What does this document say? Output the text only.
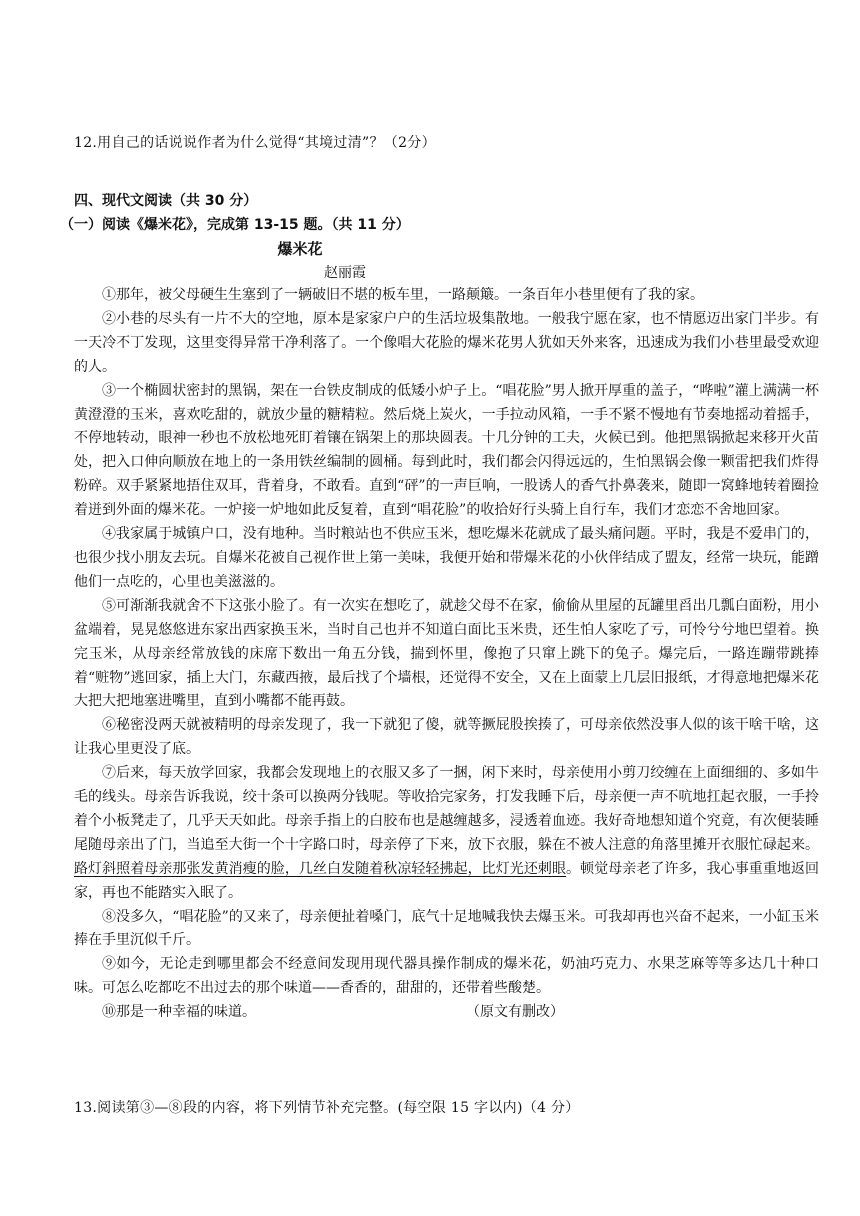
12.用自己的话说说作者为什么觉得“其境过清”？（2分）
四、现代文阅读（共 30 分）
（一）阅读《爆米花》，完成第 13-15 题。（共 11 分）
爆米花
赵丽霞

①那年，被父母硬生生塞到了一辆破旧不堪的板车里，一路颠簸。一条百年小巷里便有了我的家。

②小巷的尽头有一片不大的空地，原本是家家户户的生活垃圾集散地。一般我宁愿在家，也不情愿迈出家门半步。有一天冷不丁发现，这里变得异常干净利落了。一个像唱大花脸的爆米花男人犹如天外来客，迅速成为我们小巷里最受欢迎的人。

③一个椭圆状密封的黑锅，架在一台铁皮制成的低矮小炉子上。“唱花脸”男人掀开厚重的盖子，“哗啦”灌上满满一杯黄澄澄的玉米，喜欢吃甜的，就放少量的糖精粒。然后烧上炭火，一手拉动风箱，一手不紧不慢地有节奏地摇动着摇手，不停地转动，眼神一秒也不放松地死盯着镶在锅架上的那块圆表。十几分钟的工夫，火候已到。他把黑锅掀起来移开火苗处，把入口伸向顺放在地上的一条用铁丝编制的圆桶。每到此时，我们都会闪得远远的，生怕黑锅会像一颗雷把我们炸得粉碎。双手紧紧地捂住双耳，背着身，不敢看。直到“砰”的一声巨响，一股诱人的香气扑鼻袭来，随即一窝蜂地转着圈捡着迸到外面的爆米花。一炉接一炉地如此反复着，直到“唱花脸”的收拾好行头骑上自行车，我们才恋恋不舍地回家。

④我家属于城镇户口，没有地种。当时粮站也不供应玉米，想吃爆米花就成了最头痛问题。平时，我是不爱串门的，也很少找小朋友去玩。自爆米花被自己视作世上第一美味，我便开始和带爆米花的小伙伴结成了盟友，经常一块玩，能蹭他们一点吃的，心里也美滋滋的。

⑤可渐渐我就舍不下这张小脸了。有一次实在想吃了，就趁父母不在家，偷偷从里屋的瓦罐里舀出几瓢白面粉，用小盆端着，晃晃悠悠进东家出西家换玉米，当时自己也并不知道白面比玉米贵，还生怕人家吃了亏，可怜兮兮地巴望着。换完玉米，从母亲经常放钱的床席下数出一角五分钱，揣到怀里，像抱了只窜上跳下的兔子。爆完后，一路连蹦带跳捧着“赃物”逃回家，插上大门，东藏西掖，最后找了个墙根，还觉得不安全，又在上面蒙上几层旧报纸，才得意地把爆米花大把大把地塞进嘴里，直到小嘴都不能再鼓。

⑥秘密没两天就被精明的母亲发现了，我一下就犯了傻，就等撅屁股挨揍了，可母亲依然没事人似的该干啥干啥，这让我心里更没了底。

⑦后来，每天放学回家，我都会发现地上的衣服又多了一捆，闲下来时，母亲使用小剪刀绞缠在上面细细的、多如牛毛的线头。母亲告诉我说，绞十条可以换两分钱呢。等收拾完家务，打发我睡下后，母亲便一声不吭地扛起衣服，一手拎着个小板凳走了，几乎天天如此。母亲手指上的白胶布也是越缠越多，浸透着血迹。我好奇地想知道个究竟，有次便装睡尾随母亲出了门，当追至大街一个十字路口时，母亲停了下来，放下衣服，躲在不被人注意的角落里摊开衣服忙碌起来。路灯斜照着母亲那张发黄消瘦的脸，几丝白发随着秋凉轻轻拂起，比灯光还刺眼。顿觉母亲老了许多，我心事重重地返回家，再也不能踏实入眠了。

⑧没多久，“唱花脸”的又来了，母亲便扯着嗓门，底气十足地喊我快去爆玉米。可我却再也兴奋不起来，一小缸玉米捧在手里沉似千斤。

⑨如今，无论走到哪里都会不经意间发现用现代器具操作制成的爆米花，奶油巧克力、水果芝麻等等多达几十种口味。可怎么吃都吃不出过去的那个味道——香香的，甜甜的，还带着些酸楚。

⑩那是一种幸福的味道。	（原文有删改）

13.阅读第③—⑧段的内容，将下列情节补充完整。(每空限 15 字以内)（4 分）
